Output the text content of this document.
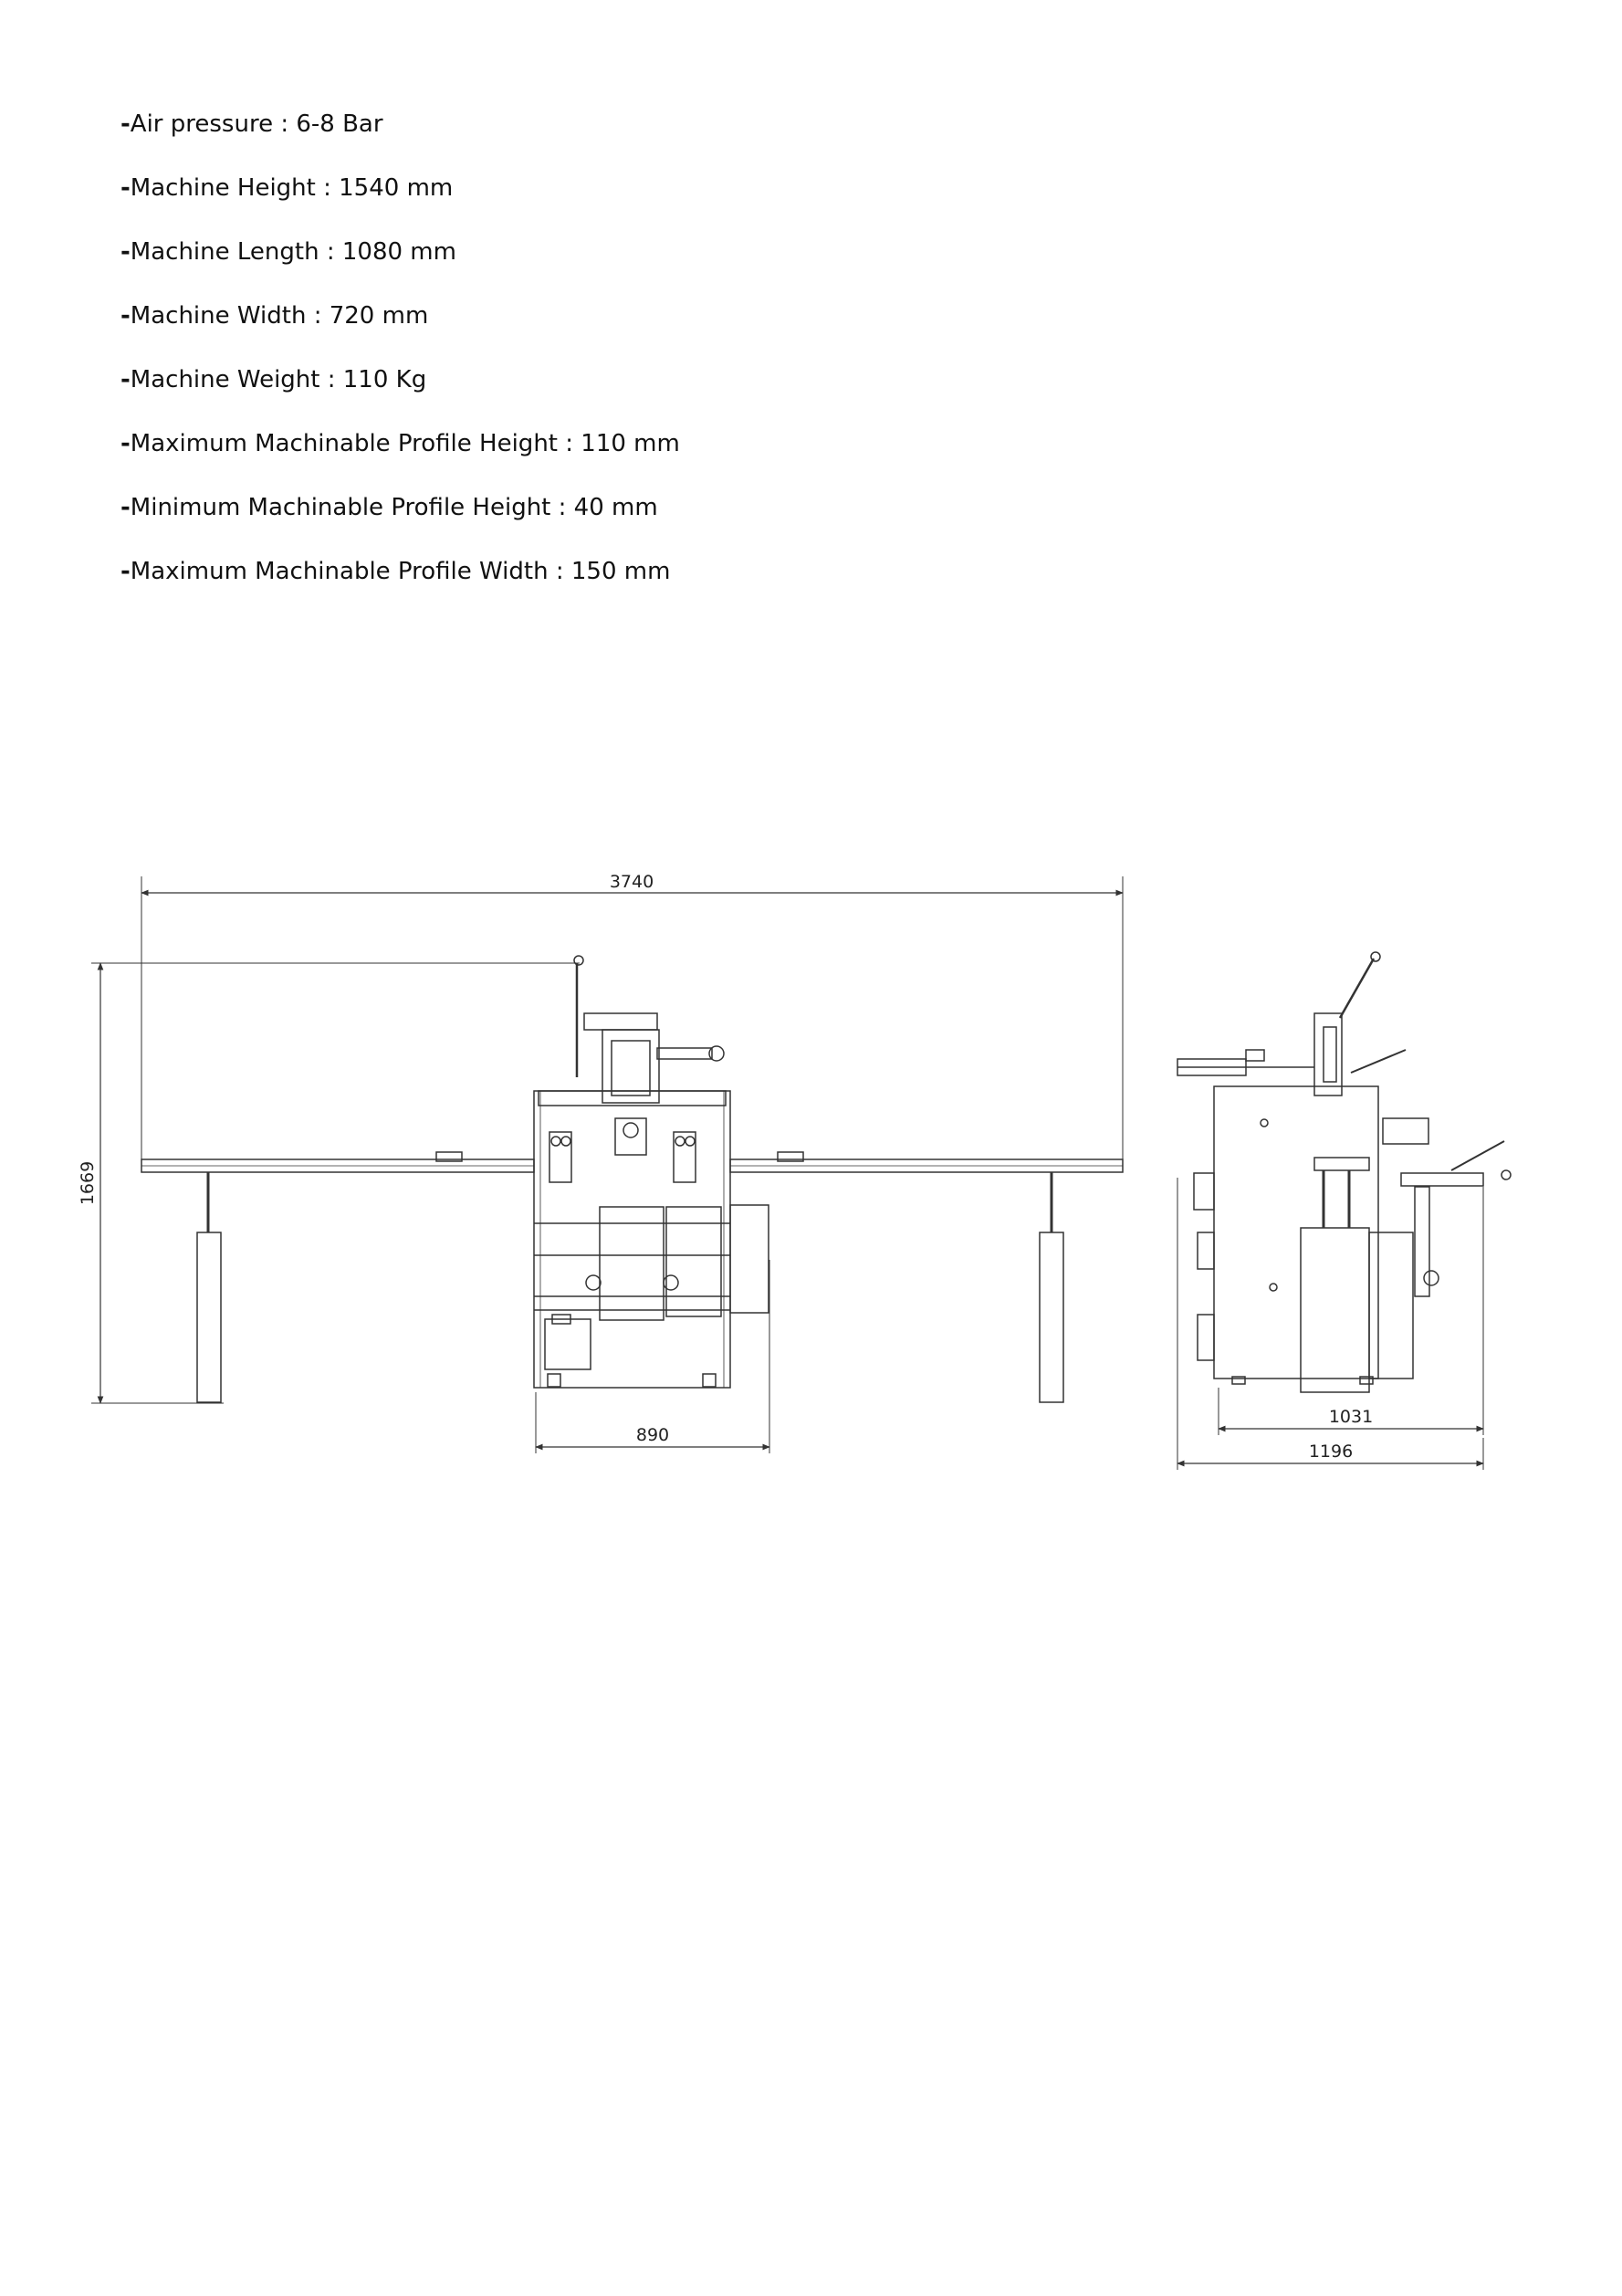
-Air pressure : 6-8 Bar
-Machine Height : 1540 mm
-Machine Length : 1080 mm
-Machine Width : 720 mm
-Machine Weight : 110 Kg
-Maximum Machinable Profile Height : 110 mm
-Minimum Machinable Profile Height : 40 mm
-Maximum Machinable Profile Width : 150 mm
3740
1669
890
1031
1196
